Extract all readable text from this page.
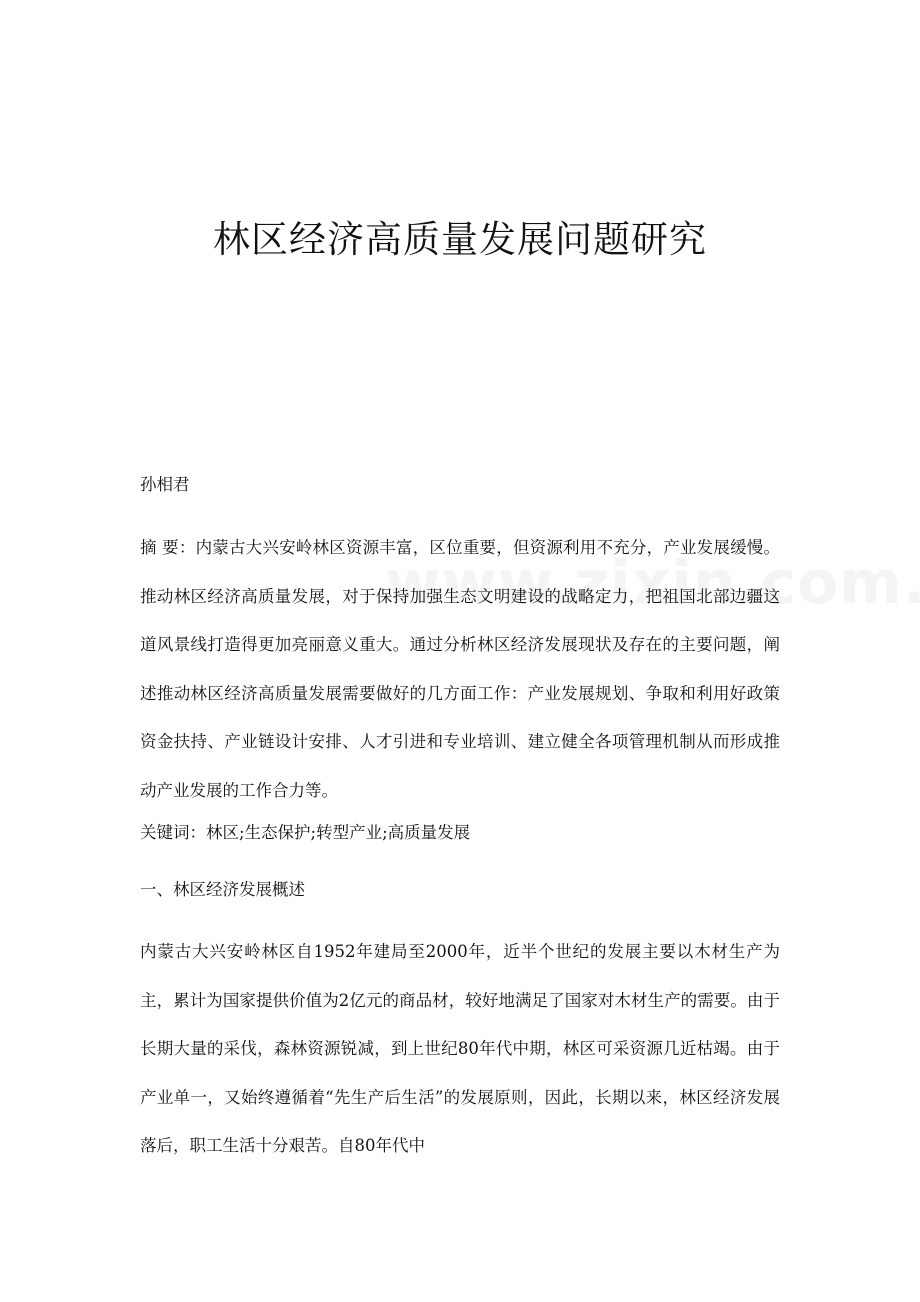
林区经济高质量发展问题研究
孙相君

摘 要：内蒙古大兴安岭林区资源丰富，区位重要，但资源利用不充分，产业发展缓慢。推动林区经济高质量发展，对于保持加强生态文明建设的战略定力，把祖国北部边疆这道风景线打造得更加亮丽意义重大。通过分析林区经济发展现状及存在的主要问题，阐述推动林区经济高质量发展需要做好的几方面工作：产业发展规划、争取和利用好政策资金扶持、产业链设计安排、人才引进和专业培训、建立健全各项管理机制从而形成推动产业发展的工作合力等。

关键词：林区;生态保护;转型产业;高质量发展

一、林区经济发展概述

内蒙古大兴安岭林区自1952年建局至2000年，近半个世纪的发展主要以木材生产为主，累计为国家提供价值为2亿元的商品材，较好地满足了国家对木材生产的需要。由于长期大量的采伐，森林资源锐减，到上世纪80年代中期，林区可采资源几近枯竭。由于产业单一，又始终遵循着“先生产后生活”的发展原则，因此，长期以来，林区经济发展落后，职工生活十分艰苦。自80年代中
